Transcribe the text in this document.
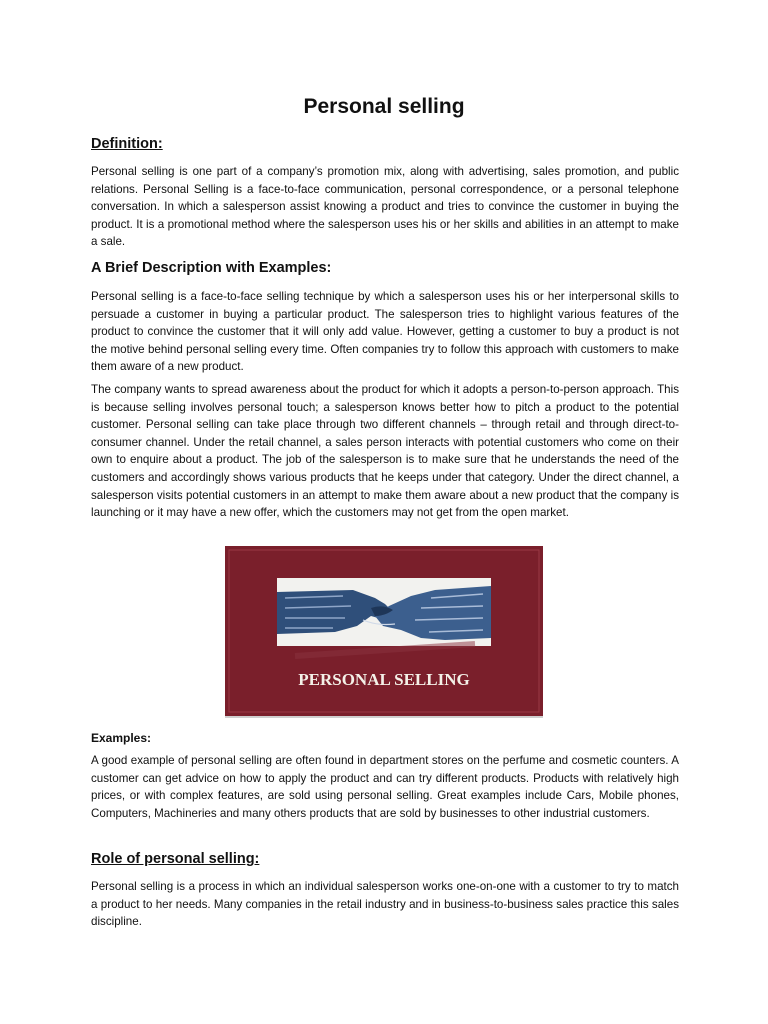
Personal selling
Definition:

Personal selling is one part of a company’s promotion mix, along with advertising, sales promotion, and public relations. Personal Selling is a face-to-face communication, personal correspondence, or a personal telephone conversation. In which a salesperson assist knowing a product and tries to convince the customer in buying the product. It is a promotional method where the salesperson uses his or her skills and abilities in an attempt to make a sale.

A Brief Description with Examples:

Personal selling is a face-to-face selling technique by which a salesperson uses his or her interpersonal skills to persuade a customer in buying a particular product. The salesperson tries to highlight various features of the product to convince the customer that it will only add value. However, getting a customer to buy a product is not the motive behind personal selling every time. Often companies try to follow this approach with customers to make them aware of a new product.

The company wants to spread awareness about the product for which it adopts a person-to-person approach. This is because selling involves personal touch; a salesperson knows better how to pitch a product to the potential customer. Personal selling can take place through two different channels – through retail and through direct-to-consumer channel. Under the retail channel, a sales person interacts with potential customers who come on their own to enquire about a product. The job of the salesperson is to make sure that he understands the need of the customers and accordingly shows various products that he keeps under that category. Under the direct channel, a salesperson visits potential customers in an attempt to make them aware about a new product that the company is launching or it may have a new offer, which the customers may not get from the open market.

PERSONAL SELLING
Examples:

A good example of personal selling are often found in department stores on the perfume and cosmetic counters. A customer can get advice on how to apply the product and can try different products. Products with relatively high prices, or with complex features, are sold using personal selling. Great examples include Cars, Mobile phones, Computers, Machineries and many others products that are sold by businesses to other industrial customers.

Role of personal selling:

Personal selling is a process in which an individual salesperson works one-on-one with a customer to try to match a product to her needs. Many companies in the retail industry and in business-to-business sales practice this sales discipline.
